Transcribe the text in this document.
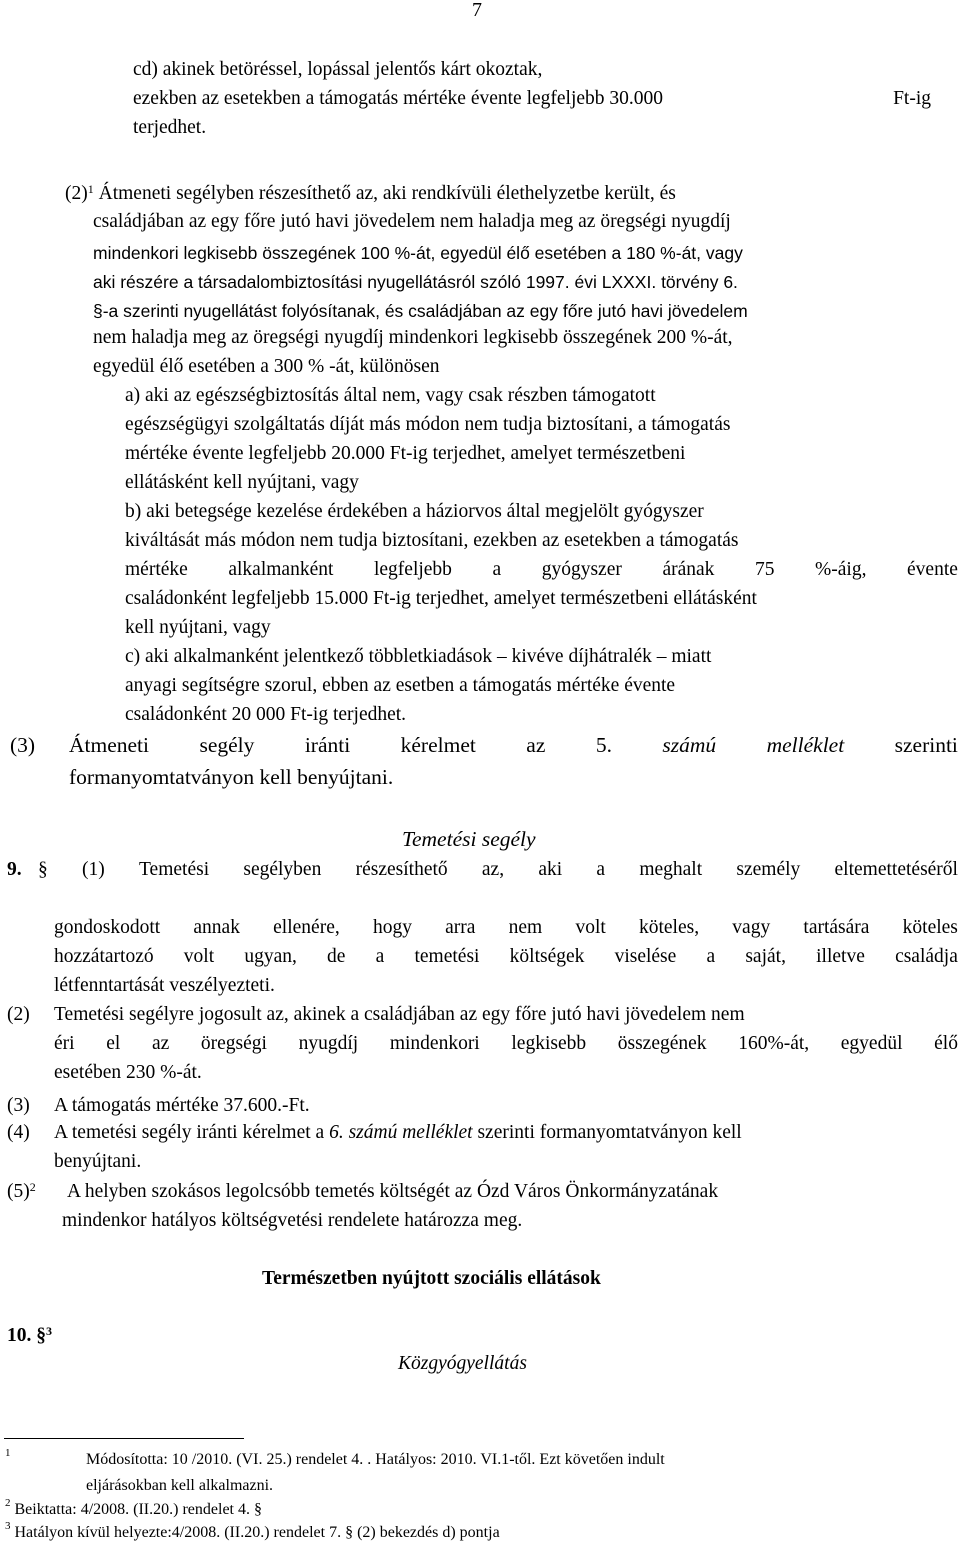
7
cd) akinek betöréssel, lopással jelentős kárt okoztak,
ezekben az esetekben a támogatás mértéke évente legfeljebb 30.000	Ft-ig
terjedhet.
$(2)^1$ Átmeneti segélyben részesíthető az, aki rendkívüli élethelyzetbe került, és
családjában az egy főre jutó havi jövedelem nem haladja meg az öregségi nyugdíj
mindenkori legkisebb összegének 100 %-át, egyedül élő esetében a 180 %-át, vagy
aki részére a társadalombiztosítási nyugellátásról szóló 1997. évi LXXXI. törvény 6.
§-a szerinti nyugellátást folyósítanak, és családjában az egy főre jutó havi jövedelem
nem haladja meg az öregségi nyugdíj mindenkori legkisebb összegének 200 %-át,
egyedül élő esetében a 300 % -át, különösen
a) aki az egészségbiztosítás által nem, vagy csak részben támogatott
egészségügyi szolgáltatás díját más módon nem tudja biztosítani, a támogatás
mértéke évente legfeljebb 20.000 Ft-ig terjedhet, amelyet természetbeni
ellátásként kell nyújtani, vagy
b) aki betegsége kezelése érdekében a háziorvos által megjelölt gyógyszer
kiváltását más módon nem tudja biztosítani, ezekben az esetekben a támogatás
mértéke alkalmanként legfeljebb a gyógyszer árának 75 %-áig, évente
családonként legfeljebb 15.000 Ft-ig terjedhet, amelyet természetbeni ellátásként
kell nyújtani, vagy
c) aki alkalmanként jelentkező többletkiadások – kivéve díjhátralék – miatt
anyagi segítségre szorul, ebben az esetben a támogatás mértéke évente
családonként 20 000 Ft-ig terjedhet.
(3) Átmeneti segély iránti kérelmet az 5. számú melléklet szerinti
formanyomtatványon kell benyújtani.
Temetési segély
9. § (1) Temetési segélyben részesíthető az, aki a meghalt személy eltemettetéséről
gondoskodott annak ellenére, hogy arra nem volt köteles, vagy tartására köteles
hozzátartozó volt ugyan, de a temetési költségek viselése a saját, illetve családja
létfenntartását veszélyezteti.
(2) Temetési segélyre jogosult az, akinek a családjában az egy főre jutó havi jövedelem nem
éri el az öregségi nyugdíj mindenkori legkisebb összegének 160%-át, egyedül élő
esetében 230 %-át.
(3) A támogatás mértéke 37.600.-Ft.
(4) A temetési segély iránti kérelmet a 6. számú melléklet szerinti formanyomtatványon kell
benyújtani.
$(5)^2$ A helyben szokásos legolcsóbb temetés költségét az Ózd Város Önkormányzatának
mindenkor hatályos költségvetési rendelete határozza meg.
Természetben nyújtott szociális ellátások
10. §$^3$
Közgyógyellátás
$^1$	Módosította: 10 /2010. (VI. 25.) rendelet 4. . Hatályos: 2010. VI.1-től. Ezt követően indult
eljárásokban kell alkalmazni.
$^2$ Beiktatta: 4/2008. (II.20.) rendelet 4. §
$^3$ Hatályon kívül helyezte:4/2008. (II.20.) rendelet 7. § (2) bekezdés d) pontja
